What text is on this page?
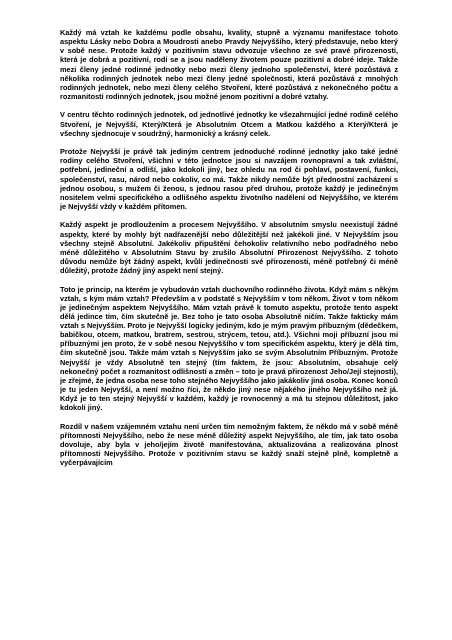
Každý má vztah ke každému podle obsahu, kvality, stupně a významu manifestace tohoto aspektu Lásky nebo Dobra a Moudrosti anebo Pravdy Nejvyššího, který představuje, nebo který v sobě nese. Protože každý v pozitivním stavu odvozuje všechno ze své pravé přirozenosti, která je dobrá a pozitivní, rodí se a jsou naděleny životem pouze pozitivní a dobré ideje. Takže mezi členy jedné rodinné jednotky nebo mezi členy jednoho společenství, které pozůstává z několika rodinných jednotek nebo mezi členy jedné společnosti, která pozůstává z mnohých rodinných jednotek, nebo mezi členy celého Stvoření, které pozůstává z nekonečného počtu a rozmanitosti rodinných jednotek, jsou možné jenom pozitivní a dobré vztahy.

V centru těchto rodinných jednotek, od jednotlivé jednotky ke všezahrnující jedné rodině celého Stvoření, je Nejvyšší, Který/Která je Absolutním Otcem a Matkou každého a Který/Která je všechny sjednocuje v soudržný, harmonický a krásný celek.

Protože Nejvyšší je právě tak jediným centrem jednoduché rodinné jednotky jako také jedné rodiny celého Stvoření, všichni v této jednotce jsou si navzájem rovnopravní a tak zvláštní, potřební, jedineční a odliší, jako kdokoli jiný, bez ohledu na rod či pohlaví, postavení, funkci, společenství, rasu, národ nebo cokoliv, co má. Takže nikdy nemůže být přednostní zacházení s jednou osobou, s mužem či ženou, s jednou rasou před druhou, protože každý je jedinečným nositelem velmi specifického a odlišného aspektu životního nadělení od Nejvyššího, ve kterém je Nejvyšší vždy v každém přítomen.

Každý aspekt je prodloužením a procesem Nejvyššího. V absolutním smyslu neexistují žádné aspekty, které by mohly být nadřazenější nebo důležitější než jakékoli jiné. V Nejvyšším jsou všechny stejně Absolutní. Jakékoliv připuštění čehokoliv relativního nebo podřadného nebo méně důležitého v Absolutním Stavu by zrušilo Absolutní Přirozenost Nejvyššího. Z tohoto důvodu nemůže být žádný aspekt, kvůli jedinečnosti své přirozenosti, méně potřebný či méně důležitý, protože žádný jiný aspekt není stejný.

Toto je princip, na kterém je vybudován vztah duchovního rodinného života. Když mám s někým vztah, s kým mám vztah? Především a v podstatě s Nejvyšším v tom někom. Život v tom někom je jedinečným aspektem Nejvyššího. Mám vztah právě k tomuto aspektu, protože tento aspekt dělá jedince tím, čím skutečně je. Bez toho je tato osoba Absolutně ničím. Takže fakticky mám vztah s Nejvyšším. Proto je Nejvyšší logicky jediným, kdo je mým pravým příbuzným (dědečkem, babičkou, otcem, matkou, bratrem, sestrou, strýcem, tetou, atd.). Všichni moji příbuzní jsou mi příbuznými jen proto, že v sobě nesou Nejvyššího v tom specifickém aspektu, který je dělá tím, čím skutečně jsou. Takže mám vztah s Nejvyšším jako se svým Absolutním Příbuzným. Protože Nejvyšší je vždy Absolutně ten stejný (tím faktem, že jsou: Absolutním, obsahuje celý nekonečný počet a rozmanitost odlišností a změn – toto je pravá přirozenost Jeho/Její stejnosti), je zřejmé, že jedna osoba nese toho stejného Nejvyššího jako jakákoliv jiná osoba. Konec konců je tu jeden Nejvyšší, a není možno říci, že někdo jiný nese nějakého jiného Nejvyššího než já. Když je to ten stejný Nejvyšší v každém, každý je rovnocenný a má tu stejnou důležitost, jako kdokoli jiný.

Rozdíl v našem vzájemném vztahu není určen tím nemožným faktem, že někdo má v sobě méně přítomnosti Nejvyššího, nebo že nese méně důležitý aspekt Nejvyššího, ale tím, jak tato osoba dovoluje, aby byla v jeho/jejím životě manifestována, aktualizována a realizována plnost přítomnosti Nejvyššího. Protože v pozitivním stavu se každý snaží stejně plně, kompletně a vyčerpávajícím
